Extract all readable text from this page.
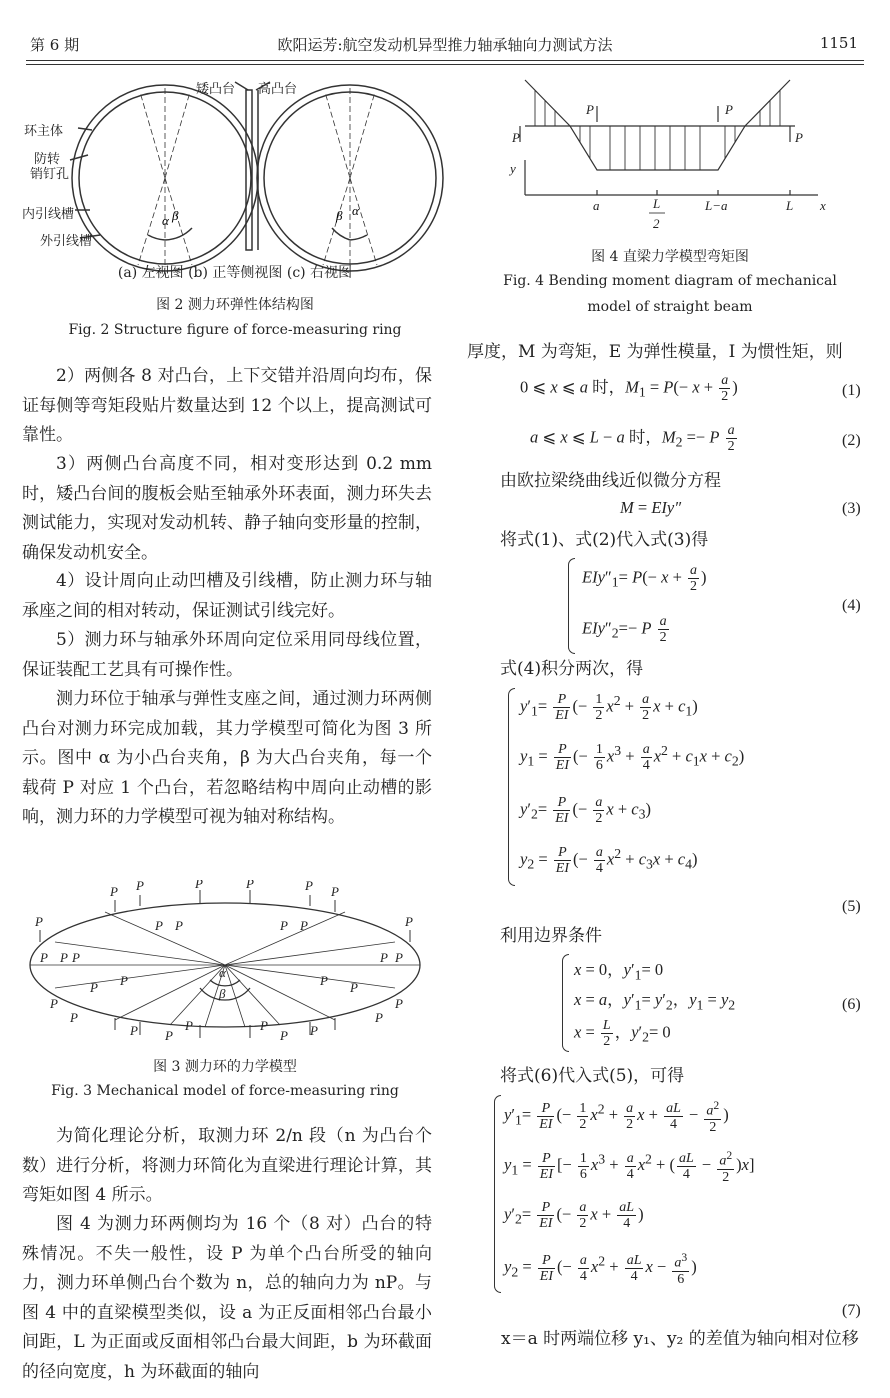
第 6 期	欧阳运芳:航空发动机异型推力轴承轴向力测试方法	1151
α β	β α
环主体
防转
销钉孔
内引线槽
外引线槽
矮凸台 高凸台
(a) 左视图 (b) 正等侧视图 (c) 右视图
图 2 测力环弹性体结构图
Fig. 2 Structure figure of force-measuring ring
2）两侧各 8 对凸台，上下交错并沿周向均布，保证每侧等弯矩段贴片数量达到 12 个以上，提高测试可靠性。
3）两侧凸台高度不同，相对变形达到 0.2 mm 时，矮凸台间的腹板会贴至轴承外环表面，测力环失去测试能力，实现对发动机转、静子轴向变形量的控制，确保发动机安全。
4）设计周向止动凹槽及引线槽，防止测力环与轴承座之间的相对转动，保证测试引线完好。
5）测力环与轴承外环周向定位采用同母线位置，保证装配工艺具有可操作性。
测力环位于轴承与弹性支座之间，通过测力环两侧凸台对测力环完成加载，其力学模型可简化为图 3 所示。图中 α 为小凸台夹角，β 为大凸台夹角，每一个载荷 P 对应 1 个凸台，若忽略结构中周向止动槽的影响，测力环的力学模型可视为轴对称结构。
P P	P	P	P P
P	P
P P	P P
P P P	P
P
P P	P P
P
P
P
P
P P
P	P
P P
α
β
图 3 测力环的力学模型
Fig. 3 Mechanical model of force-measuring ring
为简化理论分析，取测力环 2/n 段（n 为凸台个数）进行分析，将测力环简化为直梁进行理论计算，其弯矩如图 4 所示。
图 4 为测力环两侧均为 16 个（8 对）凸台的特殊情况。不失一般性，设 P 为单个凸台所受的轴向力，测力环单侧凸台个数为 n，总的轴向力为 nP。与图 4 中的直梁模型类似，设 a 为正反面相邻凸台最小间距，L 为正面或反面相邻凸台最大间距，b 为环截面的径向宽度，h 为环截面的轴向
P	P
P	P
y
x
a	L
2
L−a	L
图 4 直梁力学模型弯矩图
Fig. 4 Bending moment diagram of mechanical
model of straight beam
厚度，M 为弯矩，E 为弹性模量，I 为惯性矩，则
0 ⩽ x ⩽ a 时，$M_1 = P(- x + \frac{a}{2}$ )	(1)
a ⩽ x ⩽ L − a 时，$M_2 =- P \frac{a}{2}$	(2)
由欧拉梁绕曲线近似微分方程
M = EIy″	(3)
将式(1)、式(2)代入式(3)得
$EIy''_1= P(- x + \frac{a}{2}$ )
$EIy''_2=- P \frac{a}{2}$
(4)
式(4)积分两次，得
$y'_1= \frac{P}{EI}$ (− $\frac{1}{2} x^2 + \frac{a}{2}$ $x + c_1$)
$y_1 = \frac{P}{EI}$ (− $\frac{1}{6} x^3 + \frac{a}{4} x^2 + c_1x + c_2$)
$y'_2= \frac{P}{EI}$ (− $\frac{a}{2}$ $x + c_3$)
$y_2 = \frac{P}{EI}$ (− $\frac{a}{4} x^2 + c_3x + c_4$)
(5)
利用边界条件
x = 0，$y'_1= 0$
x = a，$y'_1= y'_2$，$y_1 = y_2$
$x = \frac{L}{2}$ ，$y'_2= 0$
(6)
将式(6)代入式(5)，可得
$y'_1= \frac{P}{EI}$ (− $\frac{1}{2} x^2 + \frac{a}{2}$ $x + \frac{aL}{4} - \frac{a^2}{2}$ )
$y_1 = \frac{P}{EI}$ [− $\frac{1}{6} x^3 + \frac{a}{4} x^2$ + ( $\frac{aL}{4} - \frac{a^2}{2} )x$]
$y'_2= \frac{P}{EI}$ (− $\frac{a}{2}$ $x + \frac{aL}{4}$ )
$y_2 = \frac{P}{EI}$ (− $\frac{a}{4} x^2 + \frac{aL}{4}$ $x - \frac{a^3}{6}$ )
(7)
x＝a 时两端位移 y₁、y₂ 的差值为轴向相对位移
